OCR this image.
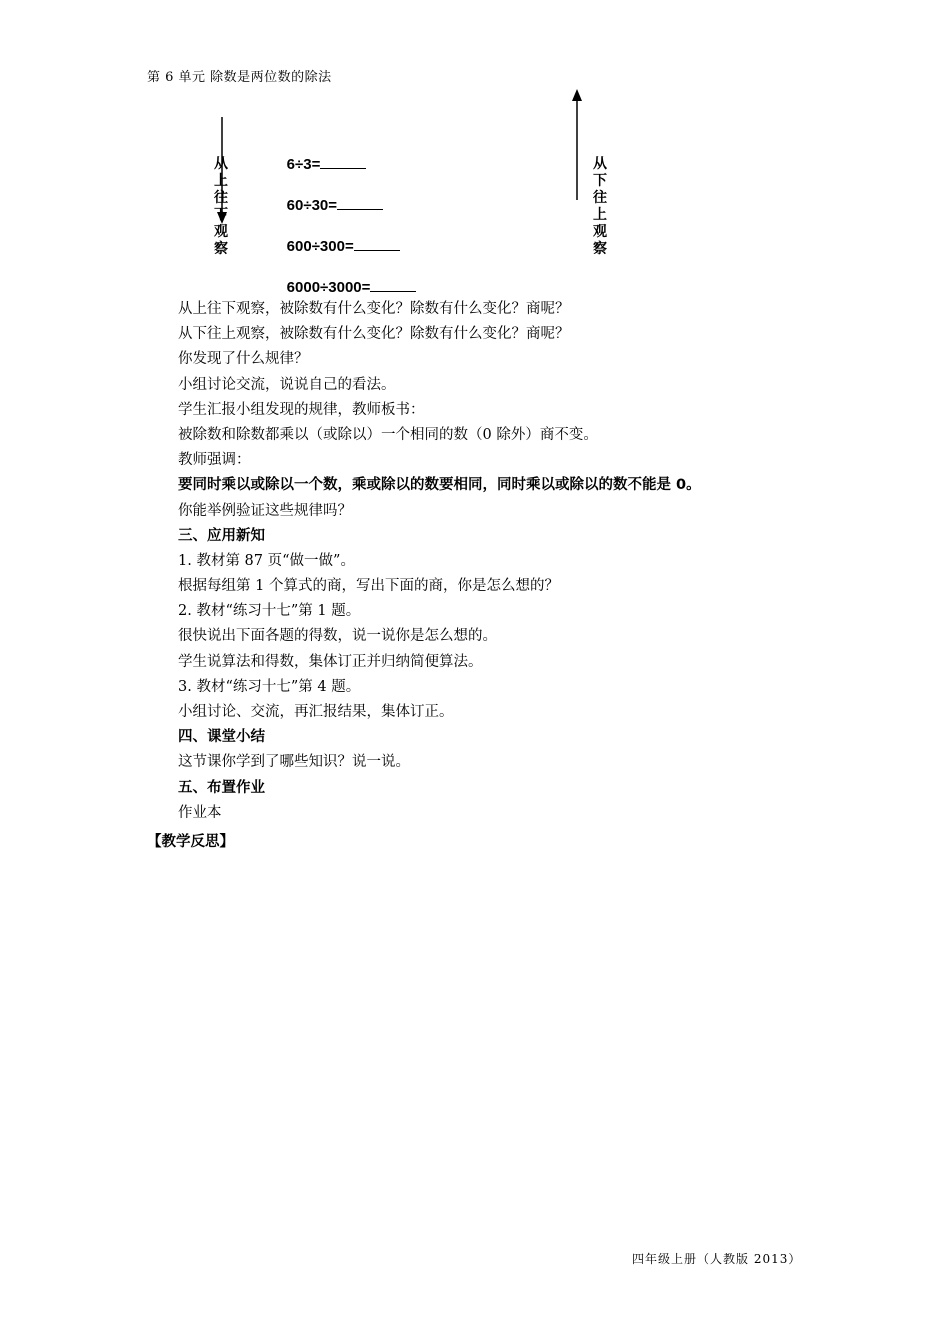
第 6 单元 除数是两位数的除法
从
上
往
下
观
察
从
下
往
上
观
察

6÷3=

60÷30=

600÷300=

6000÷3000=

从上往下观察，被除数有什么变化？除数有什么变化？商呢？
从下往上观察，被除数有什么变化？除数有什么变化？商呢？
你发现了什么规律？
小组讨论交流，说说自己的看法。
学生汇报小组发现的规律，教师板书：
被除数和除数都乘以（或除以）一个相同的数（0 除外）商不变。
教师强调：
要同时乘以或除以一个数，乘或除以的数要相同，同时乘以或除以的数不能是 0。
你能举例验证这些规律吗？
三、应用新知
1. 教材第 87 页“做一做”。
根据每组第 1 个算式的商，写出下面的商，你是怎么想的？
2. 教材“练习十七”第 1 题。
很快说出下面各题的得数，说一说你是怎么想的。
学生说算法和得数，集体订正并归纳简便算法。
3. 教材“练习十七”第 4 题。
小组讨论、交流，再汇报结果，集体订正。
四、课堂小结
这节课你学到了哪些知识？说一说。
五、布置作业
作业本
【教学反思】
四年级上册（人教版 2013）
